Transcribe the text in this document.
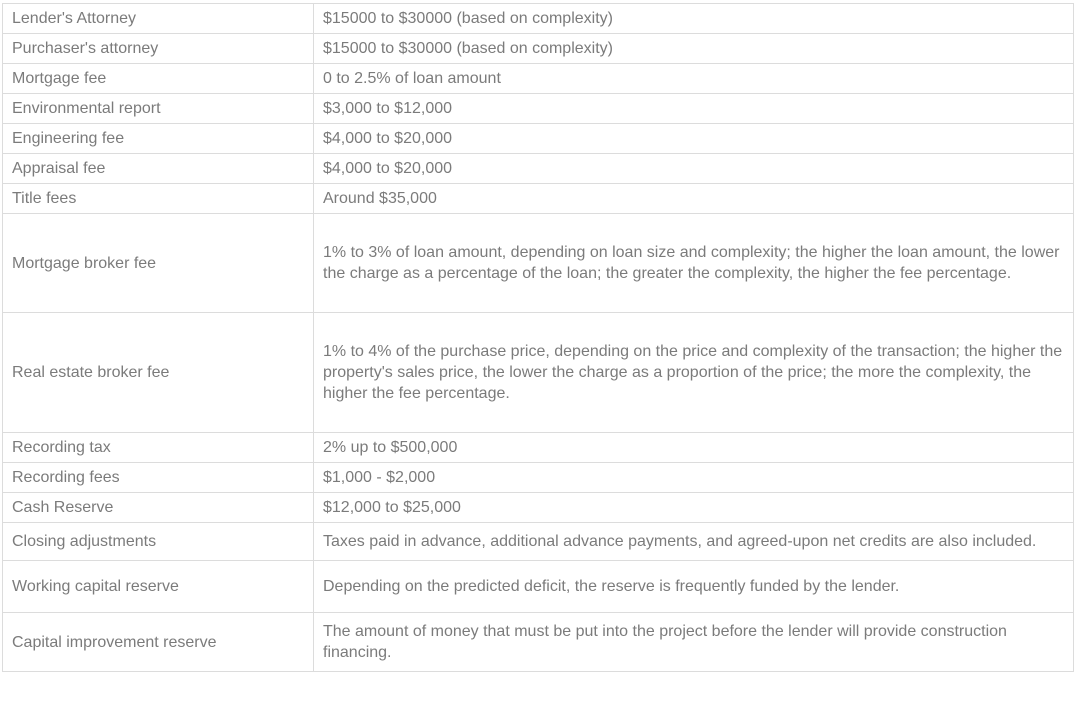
Lender's Attorney	$15000 to $30000 (based on complexity)
Purchaser's attorney	$15000 to $30000 (based on complexity)
Mortgage fee	0 to 2.5% of loan amount
Environmental report	$3,000 to $12,000
Engineering fee	$4,000 to $20,000
Appraisal fee	$4,000 to $20,000
Title fees	Around $35,000
Mortgage broker fee	1% to 3% of loan amount, depending on loan size and complexity; the higher the loan amount, the lower the charge as a percentage of the loan; the greater the complexity, the higher the fee percentage.
Real estate broker fee	1% to 4% of the purchase price, depending on the price and complexity of the transaction; the higher the property's sales price, the lower the charge as a proportion of the price; the more the complexity, the higher the fee percentage.
Recording tax	2% up to $500,000
Recording fees	$1,000 - $2,000
Cash Reserve	$12,000 to $25,000
Closing adjustments	Taxes paid in advance, additional advance payments, and agreed-upon net credits are also included.
Working capital reserve	Depending on the predicted deficit, the reserve is frequently funded by the lender.
Capital improvement reserve	The amount of money that must be put into the project before the lender will provide construction financing.
